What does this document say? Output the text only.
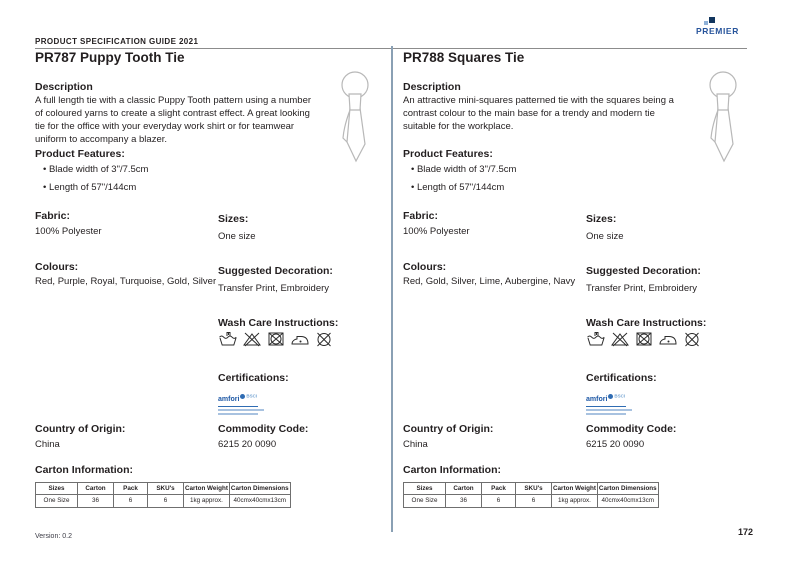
PRODUCT SPECIFICATION GUIDE 2021
PREMIER
PR787 Puppy Tooth Tie
Description

A full length tie with a classic Puppy Tooth pattern using a number of coloured yarns to create a slight contrast effect. A great looking tie for the office with your everyday work shirt or for teamwear uniform to accompany a blazer.

Product Features:
• Blade width of 3"/7.5cm
• Length of 57"/144cm
Fabric:

100% Polyester

Sizes:

One size

Colours:

Red, Purple, Royal, Turquoise, Gold, Silver

Suggested Decoration:

Transfer Print, Embroidery

Wash Care Instructions:
Certifications:
amfori BSCI
Country of Origin:

China

Commodity Code:

6215 20 0090

Carton Information:
Sizes	Carton	Pack	SKU's	Carton Weight	Carton Dimensions
One Size	36	6	6	1kg approx.	40cmx40cmx13cm
PR788 Squares Tie
Description

An attractive mini-squares patterned tie with the squares being a contrast colour to the main base for a trendy and modern tie suitable for the workplace.

Product Features:
• Blade width of 3"/7.5cm
• Length of 57"/144cm
Fabric:

100% Polyester

Sizes:

One size

Colours:

Red, Gold, Silver, Lime, Aubergine, Navy

Suggested Decoration:

Transfer Print, Embroidery

Wash Care Instructions:
Certifications:
amfori BSCI
Country of Origin:

China

Commodity Code:

6215 20 0090

Carton Information:
Sizes	Carton	Pack	SKU's	Carton Weight	Carton Dimensions
One Size	36	6	6	1kg approx.	40cmx40cmx13cm
Version: 0.2	172
